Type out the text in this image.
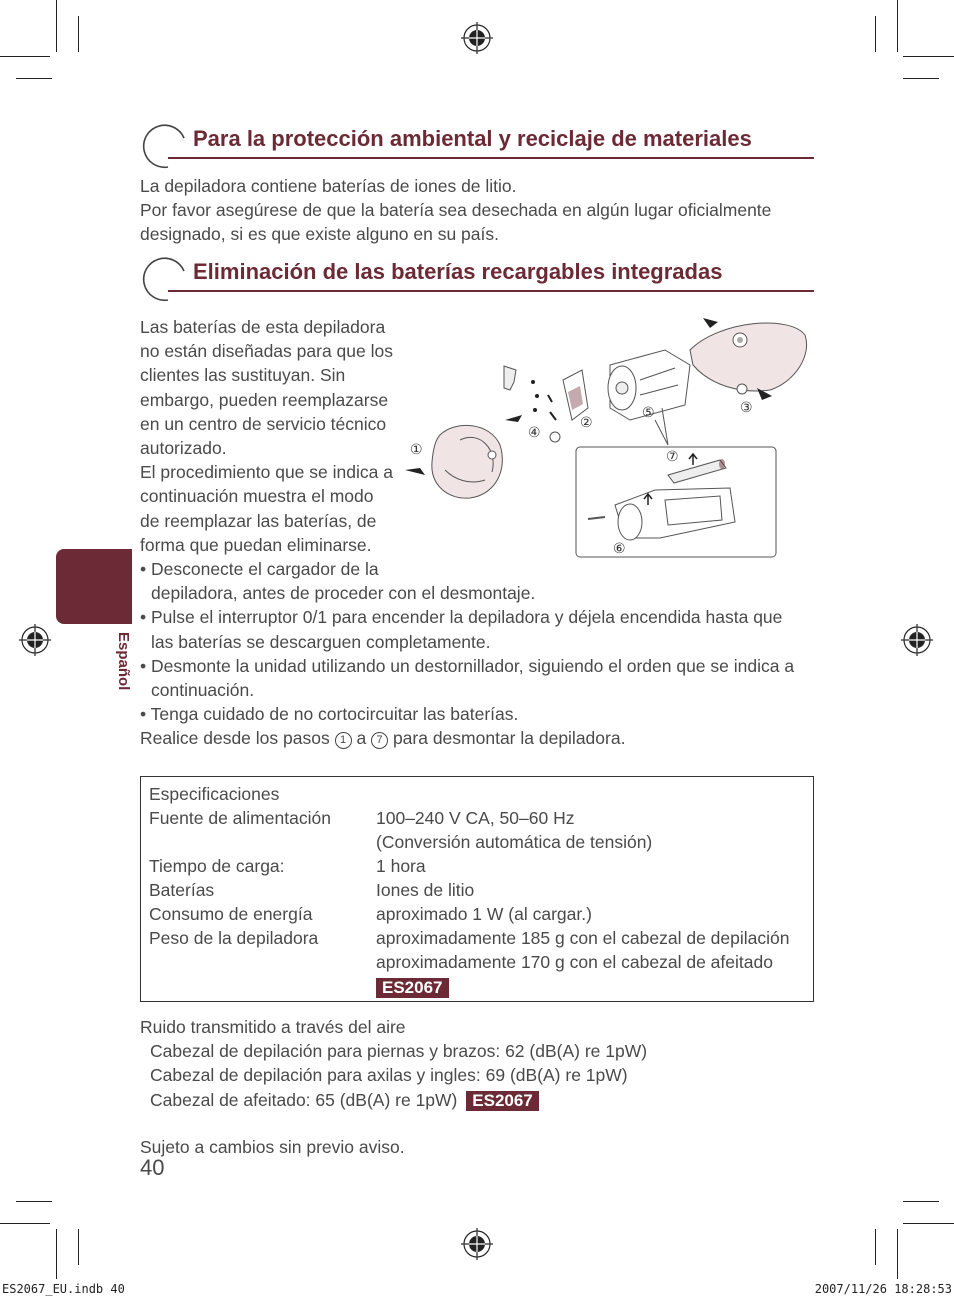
Para la protección ambiental y reciclaje de materiales
La depiladora contiene baterías de iones de litio.
Por favor asegúrese de que la batería sea desechada en algún lugar oficialmente
designado, si es que existe alguno en su país.
Eliminación de las baterías recargables integradas
Las baterías de esta depiladora
no están diseñadas para que los
clientes las sustituyan. Sin
embargo, pueden reemplazarse
en un centro de servicio técnico
autorizado.
El procedimiento que se indica a
continuación muestra el modo
de reemplazar las baterías, de
forma que puedan eliminarse.
①
④
②
⑤	③
⑦
⑥
Español
• Desconecte el cargador de la
depiladora, antes de proceder con el desmontaje.
• Pulse el interruptor 0/1 para encender la depiladora y déjela encendida hasta que
las baterías se descarguen completamente.
• Desmonte la unidad utilizando un destornillador, siguiendo el orden que se indica a
continuación.
• Tenga cuidado de no cortocircuitar las baterías.
Realice desde los pasos 1 a 7 para desmontar la depiladora.
Especificaciones
Fuente de alimentación	100–240 V CA, 50–60 Hz
(Conversión automática de tensión)
Tiempo de carga:	1 hora
Baterías	Iones de litio
Consumo de energía	aproximado 1 W (al cargar.)
Peso de la depiladora	aproximadamente 185 g con el cabezal de depilación
aproximadamente 170 g con el cabezal de afeitado
ES2067
Ruido transmitido a través del aire
Cabezal de depilación para piernas y brazos: 62 (dB(A) re 1pW)
Cabezal de depilación para axilas y ingles: 69 (dB(A) re 1pW)
Cabezal de afeitado: 65 (dB(A) re 1pW) ES2067
Sujeto a cambios sin previo aviso.
40
ES2067_EU.indb 40	2007/11/26 18:28:53
